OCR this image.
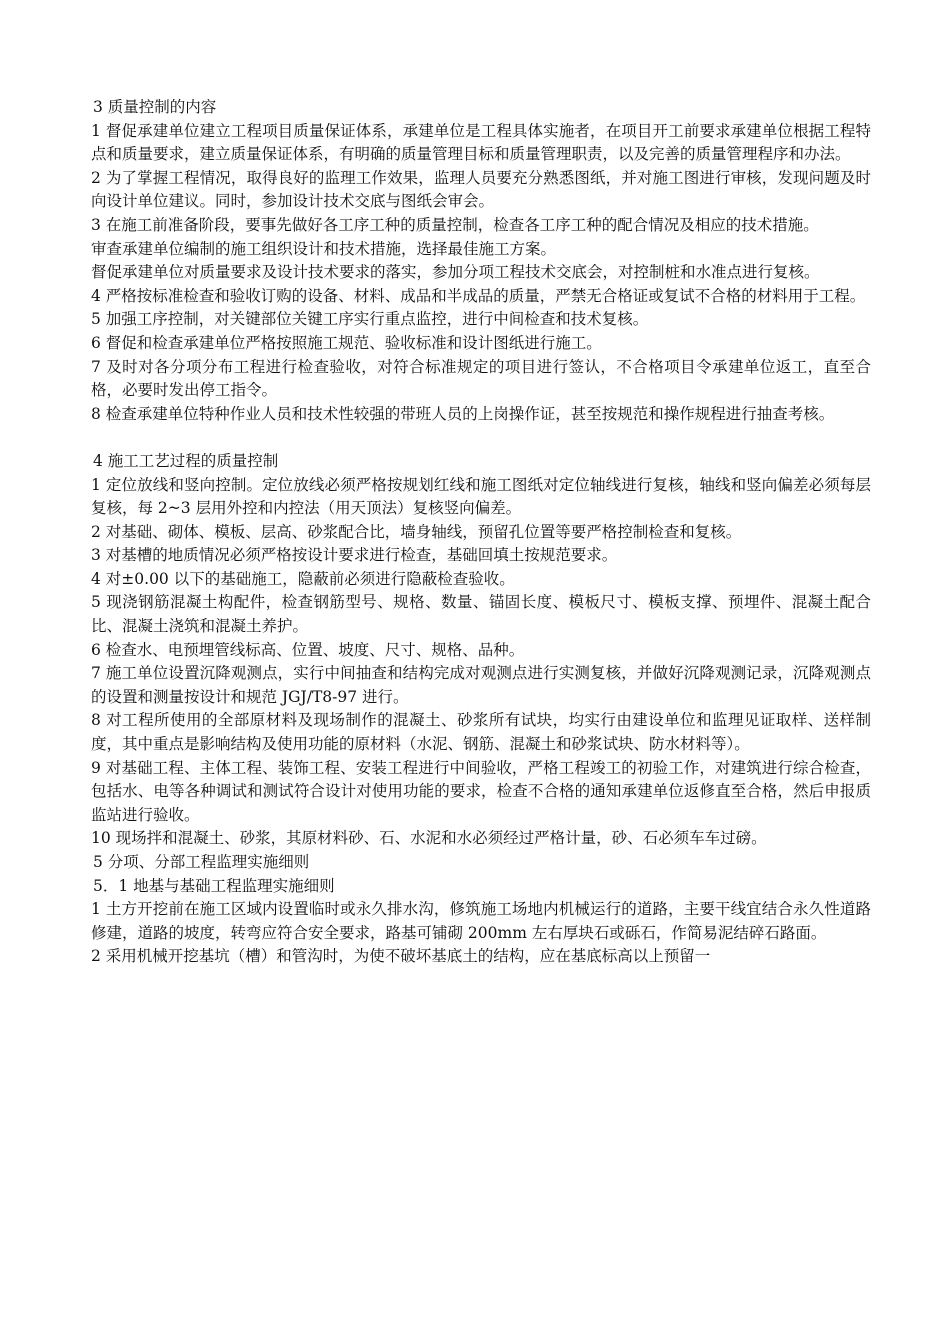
3 质量控制的内容

1 督促承建单位建立工程项目质量保证体系，承建单位是工程具体实施者，在项目开工前要求承建单位根据工程特点和质量要求，建立质量保证体系，有明确的质量管理目标和质量管理职责，以及完善的质量管理程序和办法。

2 为了掌握工程情况，取得良好的监理工作效果，监理人员要充分熟悉图纸，并对施工图进行审核，发现问题及时向设计单位建议。同时，参加设计技术交底与图纸会审会。

3 在施工前准备阶段，要事先做好各工序工种的质量控制，检查各工序工种的配合情况及相应的技术措施。

审查承建单位编制的施工组织设计和技术措施，选择最佳施工方案。

督促承建单位对质量要求及设计技术要求的落实，参加分项工程技术交底会，对控制桩和水准点进行复核。

4 严格按标准检查和验收订购的设备、材料、成品和半成品的质量，严禁无合格证或复试不合格的材料用于工程。

5 加强工序控制，对关键部位关键工序实行重点监控，进行中间检查和技术复核。

6 督促和检查承建单位严格按照施工规范、验收标准和设计图纸进行施工。

7 及时对各分项分布工程进行检查验收，对符合标准规定的项目进行签认，不合格项目令承建单位返工，直至合格，必要时发出停工指令。

8 检查承建单位特种作业人员和技术性较强的带班人员的上岗操作证，甚至按规范和操作规程进行抽查考核。

4 施工工艺过程的质量控制

1 定位放线和竖向控制。定位放线必须严格按规划红线和施工图纸对定位轴线进行复核，轴线和竖向偏差必须每层复核，每 2~3 层用外控和内控法（用天顶法）复核竖向偏差。

2 对基础、砌体、模板、层高、砂浆配合比，墙身轴线，预留孔位置等要严格控制检查和复核。

3 对基槽的地质情况必须严格按设计要求进行检查，基础回填土按规范要求。

4 对±0.00 以下的基础施工，隐蔽前必须进行隐蔽检查验收。

5 现浇钢筋混凝土构配件，检查钢筋型号、规格、数量、锚固长度、模板尺寸、模板支撑、预埋件、混凝土配合比、混凝土浇筑和混凝土养护。

6 检查水、电预埋管线标高、位置、坡度、尺寸、规格、品种。

7 施工单位设置沉降观测点，实行中间抽查和结构完成对观测点进行实测复核，并做好沉降观测记录，沉降观测点的设置和测量按设计和规范 JGJ/T8-97 进行。

8 对工程所使用的全部原材料及现场制作的混凝土、砂浆所有试块，均实行由建设单位和监理见证取样、送样制度，其中重点是影响结构及使用功能的原材料（水泥、钢筋、混凝土和砂浆试块、防水材料等）。

9 对基础工程、主体工程、装饰工程、安装工程进行中间验收，严格工程竣工的初验工作，对建筑进行综合检查，包括水、电等各种调试和测试符合设计对使用功能的要求，检查不合格的通知承建单位返修直至合格，然后申报质监站进行验收。

10 现场拌和混凝土、砂浆，其原材料砂、石、水泥和水必须经过严格计量，砂、石必须车车过磅。

5 分项、分部工程监理实施细则

5．1 地基与基础工程监理实施细则

1 土方开挖前在施工区域内设置临时或永久排水沟，修筑施工场地内机械运行的道路，主要干线宜结合永久性道路修建，道路的坡度，转弯应符合安全要求，路基可铺砌 200mm 左右厚块石或砾石，作简易泥结碎石路面。

2 采用机械开挖基坑（槽）和管沟时，为使不破坏基底土的结构，应在基底标高以上预留一
